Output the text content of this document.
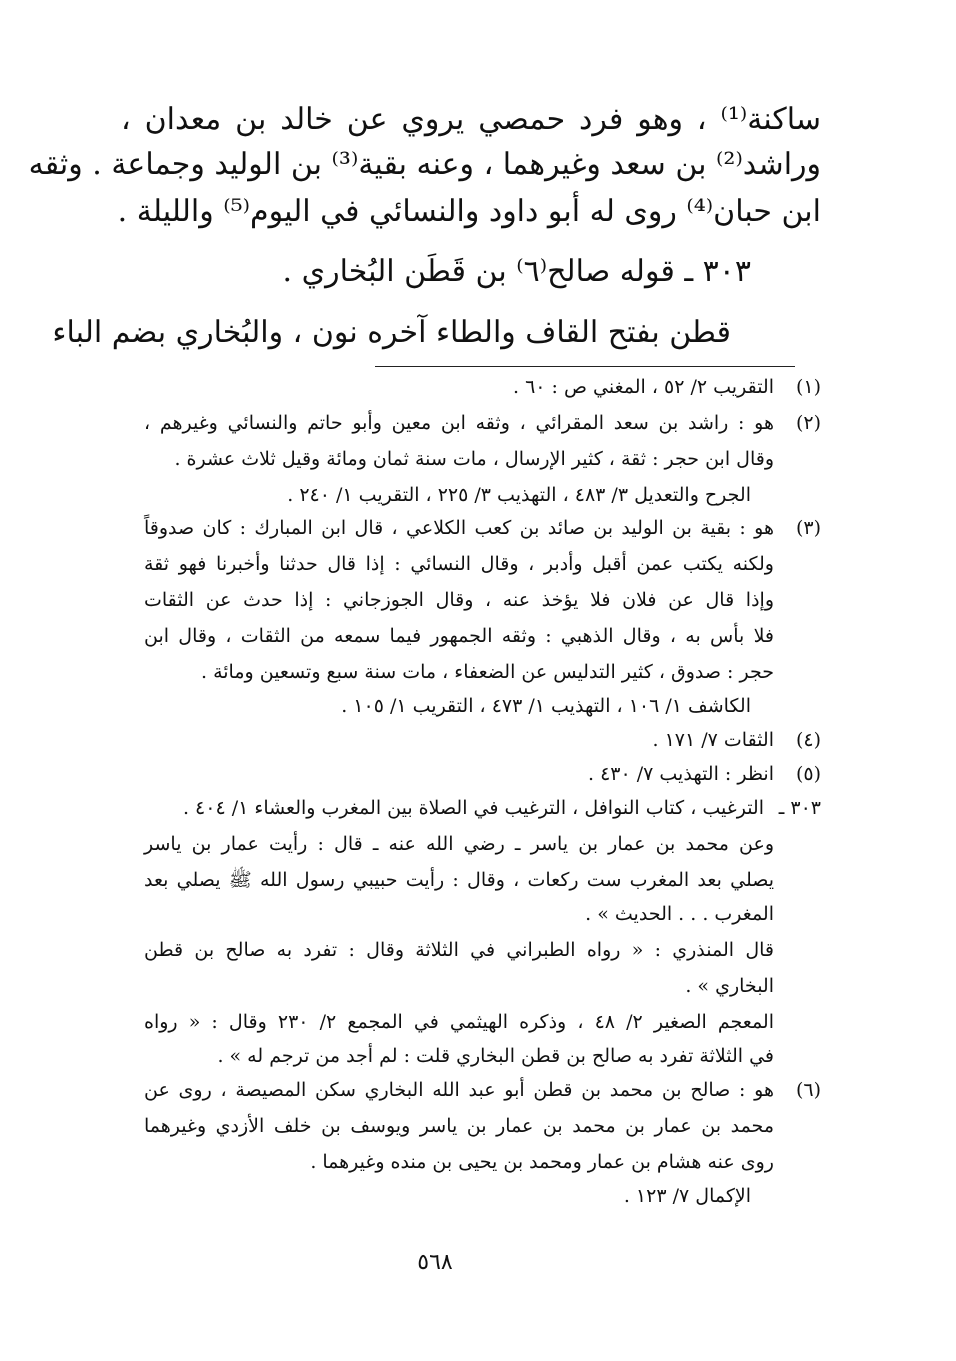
ساكنة⁽¹⁾ ، وهو فرد حمصي يروي عن خالد بن معدان ،
وراشد⁽²⁾ بن سعد وغيرهما ، وعنه بقية⁽³⁾ بن الوليد وجماعة . وثقه
ابن حبان⁽⁴⁾ روى له أبو داود والنسائي في اليوم⁽⁵⁾ والليلة .
٣٠٣ ـ قوله صالح⁽٦⁾ بن قَطَن البُخاري .
قطن بفتح القاف والطاء آخره نون ، والبُخاري بضم الباء
(١)
التقريب ٢/ ٥٢ ، المغني ص : ٦٠ .
(٢)
هو : راشد بن سعد المقرائي ، وثقه ابن معين وأبو حاتم والنسائي وغيرهم ،
وقال ابن حجر : ثقة ، كثير الإرسال ، مات سنة ثمان ومائة وقيل ثلاث عشرة .
الجرح والتعديل ٣/ ٤٨٣ ، التهذيب ٣/ ٢٢٥ ، التقريب ١/ ٢٤٠ .
(٣)
هو : بقية بن الوليد بن صائد بن كعب الكلاعي ، قال ابن المبارك : كان صدوقاً
ولكنه يكتب عمن أقبل وأدبر ، وقال النسائي : إذا قال حدثنا وأخبرنا فهو ثقة
وإذا قال عن فلان فلا يؤخذ عنه ، وقال الجوزجاني : إذا حدث عن الثقات
فلا بأس به ، وقال الذهبي : وثقه الجمهور فيما سمعه من الثقات ، وقال ابن
حجر : صدوق ، كثير التدليس عن الضعفاء ، مات سنة سبع وتسعين ومائة .
الكاشف ١/ ١٠٦ ، التهذيب ١/ ٤٧٣ ، التقريب ١/ ١٠٥ .
(٤)
الثقات ٧/ ١٧١ .
(٥)
انظر : التهذيب ٧/ ٤٣٠ .
٣٠٣ ـ
الترغيب ، كتاب النوافل ، الترغيب في الصلاة بين المغرب والعشاء ١/ ٤٠٤ .
وعن محمد بن عمار بن ياسر ـ رضي الله عنه ـ قال : رأيت عمار بن ياسر
يصلي بعد المغرب ست ركعات ، وقال : رأيت حبيبي رسول الله ﷺ يصلي بعد
المغرب . . . الحديث » .
قال المنذري : « رواه الطبراني في الثلاثة وقال : تفرد به صالح بن قطن
البخاري » .
المعجم الصغير ٢/ ٤٨ ، وذكره الهيثمي في المجمع ٢/ ٢٣٠ وقال : « رواه
في الثلاثة تفرد به صالح بن قطن البخاري قلت : لم أجد من ترجم له » .
(٦)
هو : صالح بن محمد بن قطن أبو عبد الله البخاري سكن المصيصة ، روى عن
محمد بن عمار بن محمد بن عمار بن ياسر ويوسف بن خلف الأزدي وغيرهما
روى عنه هشام بن عمار ومحمد بن يحيى بن منده وغيرهما .
الإكمال ٧/ ١٢٣ .
٥٦٨
